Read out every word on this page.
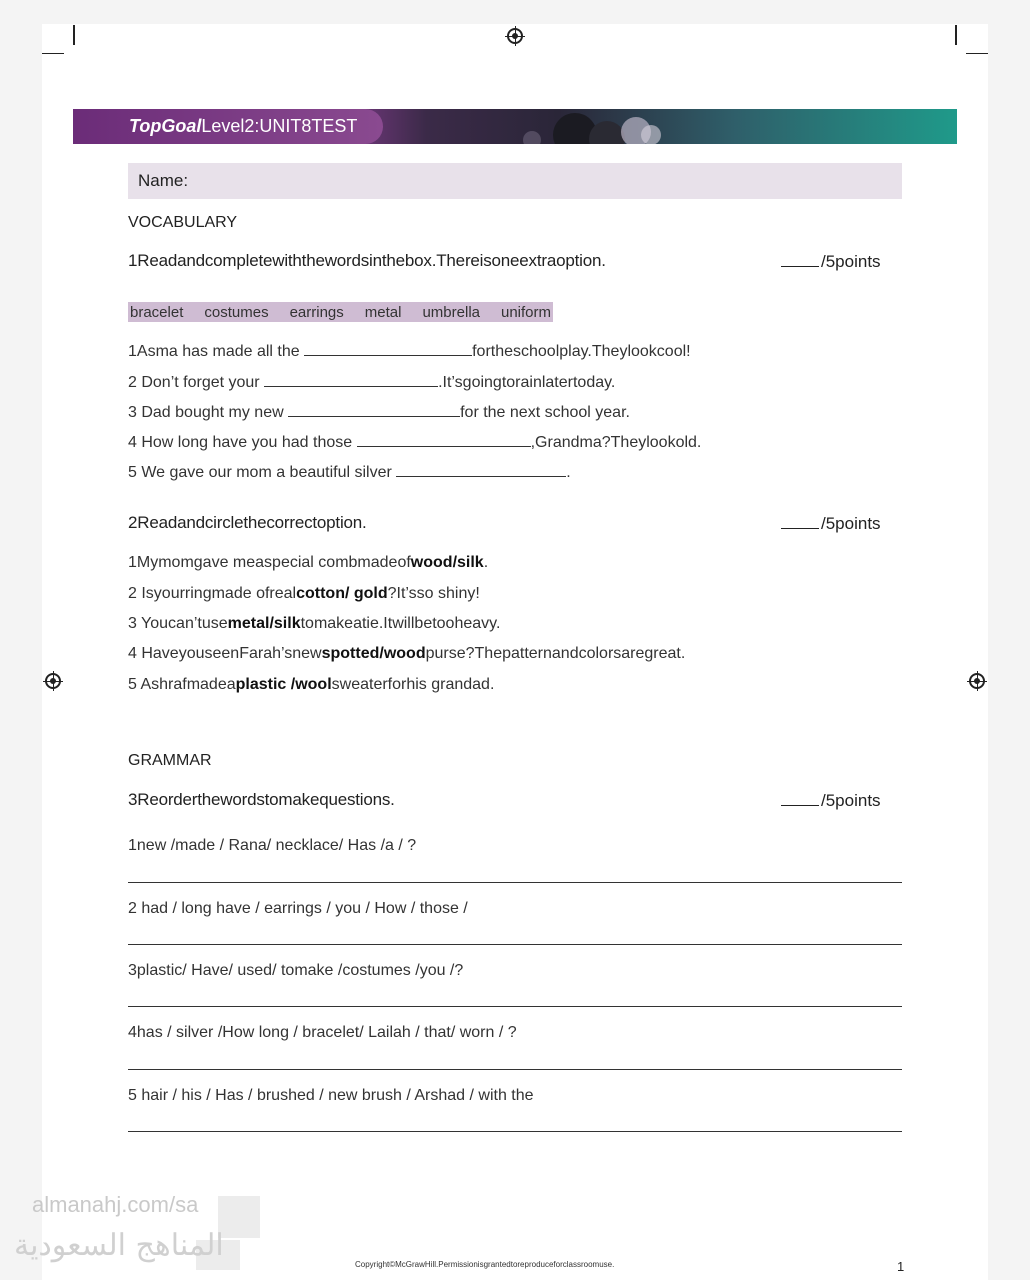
TopGoal Level2:UNIT8TEST
Name:
VOCABULARY
1Readandcompletewiththewordsinthebox.Thereisoneextraoption.	/5points
bracelet costumes earrings metal umbrella uniform
1Asma has made all the	fortheschoolplay.Theylookcool!
2 Don’t forget your	.It’sgoingtorainlatertoday.
3 Dad bought my new	for the next school year.
4 How long have you had those	,Grandma?Theylookold.
5 We gave our mom a beautiful silver	.
2Readandcirclethecorrectoption.	/5points
1Mymomgave measpecial combmadeofwood/silk.
2 Isyourringmade ofrealcotton/ gold?It’sso shiny!
3 Youcan’tusemetal/silktomakeatie.Itwillbetooheavy.
4 HaveyouseenFarah’snewspotted/woodpurse?Thepatternandcolorsaregreat.
5 Ashrafmadeaplastic /woolsweaterforhis grandad.
GRAMMAR
3Reorderthewordstomakequestions.	/5points
1new /made / Rana/ necklace/ Has /a / ?
2 had / long have / earrings / you / How / those /
3plastic/ Have/ used/ tomake /costumes /you /?
4has / silver /How long / bracelet/ Lailah / that/ worn / ?
5 hair / his / Has / brushed / new brush / Arshad / with the
almanahj.com/sa
المناهج السعودية
Copyright©McGrawHill.Permissionisgrantedtoreproduceforclassroomuse.	1
